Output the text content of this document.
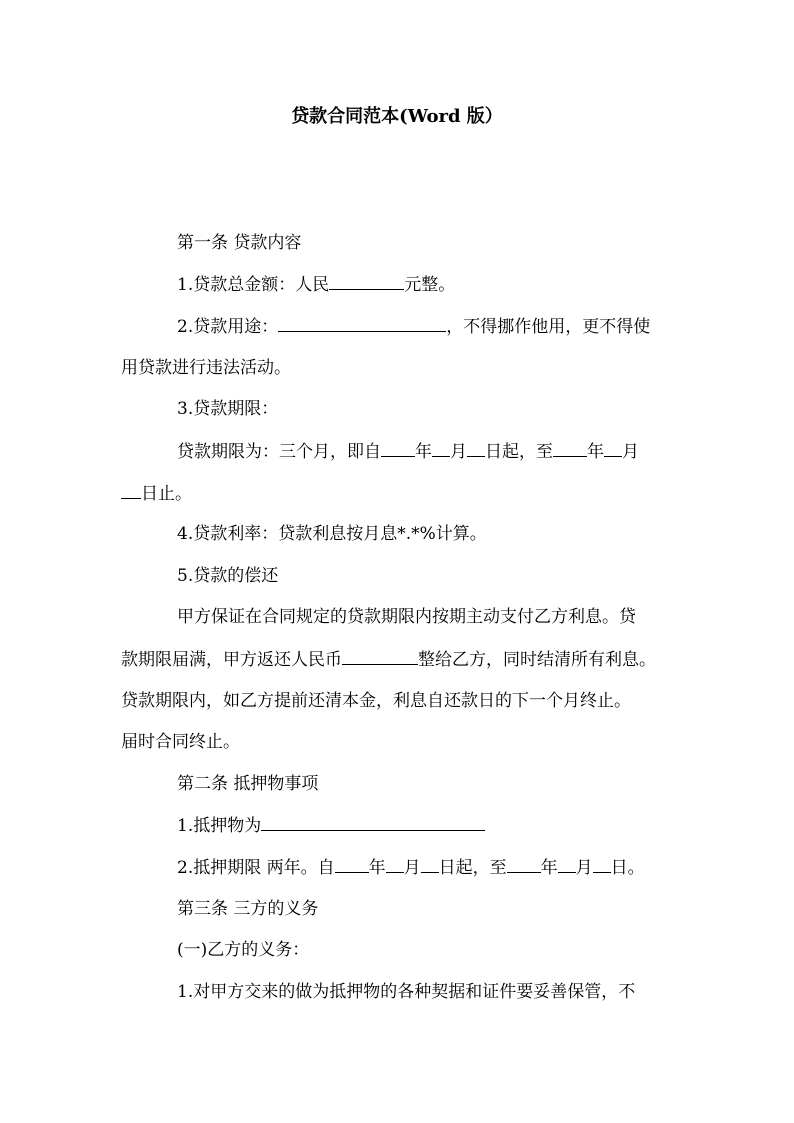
贷款合同范本(Word 版）
第一条 贷款内容
1.贷款总金额：人民	元整。
2.贷款用途：	，不得挪作他用，更不得使
用贷款进行违法活动。
3.贷款期限：
贷款期限为：三个月，即自 年 月 日起，至 年 月
日止。
4.贷款利率：贷款利息按月息*.*%计算。
5.贷款的偿还
甲方保证在合同规定的贷款期限内按期主动支付乙方利息。贷
款期限届满，甲方返还人民币	整给乙方，同时结清所有利息。
贷款期限内，如乙方提前还清本金，利息自还款日的下一个月终止。
届时合同终止。
第二条 抵押物事项
1.抵押物为
2.抵押期限 两年。自 年 月 日起，至 年 月 日。
第三条 三方的义务
(一)乙方的义务：
1.对甲方交来的做为抵押物的各种契据和证件要妥善保管，不
